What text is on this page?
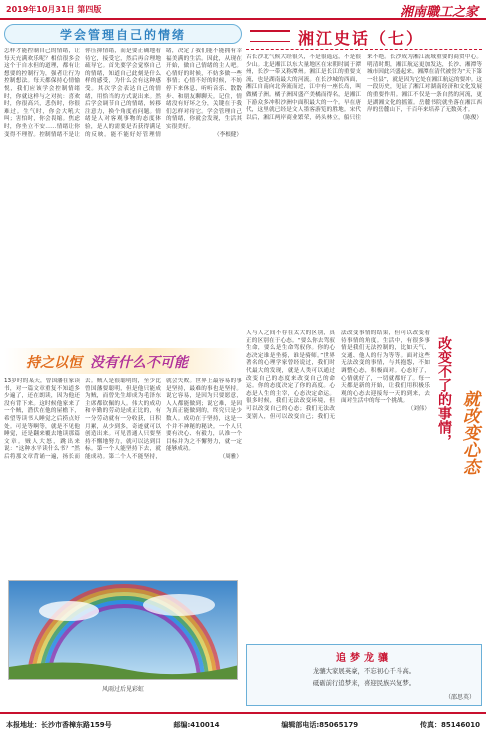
2019年10月31日 第四版	湘南職工之家
学会管理自己的情绪
怎样才能控制自己的情绪，让每天充满欢乐呢？相信很多会这个于自水但的道理，都有让想要的控制行为，强者让行为控制想法。每天都保持心情愉悦，我们应该学会控制情绪时，你就这样与之对抗：喜欢时，你很高兴，悲伤时，你很难过。生气时，你会大吼大叫；害怕时，你会畏缩。焦虑时，你坐立不安……情绪让你变得不理智。控制情绪不是让你压抑情绪，而是要正确地看待它，接受它，然后再合理地疏导它。首先要学会觉察自己的情绪，知道自己此刻是什么样的感受，为什么会有这种感受。其次学会表达自己的情绪，用恰当的方式说出来。然后学会调节自己的情绪，转移注意力，换个角度看问题。情绪是人对客观事物的态度体验，是人的需要是否获得满足的反映。能不能好好管理情绪，决定了我们能不能拥有幸福美满的生活。因此，从现在开始，做自己情绪的主人吧。心情好的时候，不妨多做一些事情；心情不好的时候，不妨停下来休息，听听音乐、散散步、和朋友聊聊天。记住，情绪没有好坏之分，关键在于我们怎样对待它。学会管理自己的情绪，你就会发现，生活其实很美好。
（李根健）
持之以恒 没有什么不可能
13岁时的某天，曾国藩在家读书，对一篇文章重复不知道多少遍了，还在朗读，因为他还没有背下来。这时候他家来了一个贼，潜伏在他的屋檐下，希望等读书人睡觉之后捞点好处。可是等啊等，就是不见他睡觉，还是翻来覆去地读那篇文章。贼人大怒，跳出来说：“这种水平读什么书？”然后将那文章背诵一遍，扬长而去。贼人是很聪明的，至少比曾国藩要聪明，但是他只能成为贼，而曾先生却成为毛泽东主席都钦佩的人。伟大的成功和辛勤的劳动是成正比的，有一分劳动就有一分收获，日积月累，从少到多，奇迹就可以创造出来。可见普通人只要坚持不懈地努力，就可以达到目标。第一个人能坚持下去，就能成功。第二个人不能坚持，就会失败。世界上最容易的事是坚持，最难的事也是坚持。说它容易，是因为只要愿意，人人都能做到；说它难，是因为真正能做到的，终究只是少数人。成功在于坚持，这是一个并不神秘的秘诀。一个人只要有决心、有毅力，认准一个目标并为之不懈努力，就一定能够成功。
（周雅）
风雨过后见彩虹
湘江史话（七）
古长沙北气候大经很久，不是很遥远，不是很少山。北是湘江以东大量地区在宋朝时属于潭州，长沙一带又称潭州。湘江是长江的重要支流，也是湖南最大的河流。在长沙城的西面，湘江自南向北奔流而过，江中有一座长岛，叫做橘子洲。橘子洲因盛产美橘而得名，是湘江下游众多冲积沙洲中面积最大的一个。早在唐代，这里就已经是文人墨客游览的胜地。宋代以后，湘江两岸商业繁荣，码头林立，船只往来不绝。长沙成为湘江流域重要的商贸中心。明清时期，湘江航运更加发达，长沙、湘潭等城市因此兴盛起来。湘潭在清代被誉为“天下第一壮县”，就是因为它处在湘江航运的要冲。这一段历史，见证了湘江对湖南经济和文化发展的重要作用。湘江不仅是一条自然的河流，更是湖湘文化的摇篮。岳麓书院就坐落在湘江西岸的岳麓山下，千百年来培养了无数英才。
（陈俊）
人与人之间不存在太大的区别，真正的区别在于心态。“要么你去驾驭生命，要么是生命驾驭你。你的心态决定谁是坐骑，谁是骑师。”世界著名的心理学家曾经说过，我们时代最大的发现，就是人类可以通过改变自己的态度来改变自己的命运。你的态度决定了你的高度。心态是人生的主宰，心态决定命运。很多时候，我们无法改变环境，但可以改变自己的心态；我们无法改变别人，但可以改变自己；我们无法改变事情的结果，但可以改变看待事情的角度。生活中，有很多事情是我们无法控制的，比如天气、交通、他人的行为等等。面对这些无法改变的事情，与其抱怨，不如调整心态，积极面对。心态好了，心情就好了，一切就都好了。每一天都是新的开始，让我们用积极乐观的心态去迎接每一天的到来，去面对生活中的每一个挑战。
（刘伟） 改变不了的事情， 就改变心态
追梦龙骧
龙骧大家展英豪，不忘初心千斗高。
砥砺前行追梦来，喜迎民族兴复梦。
（邵思英）
本报地址：长沙市香樟东路159号	邮编:410014	编辑部电话:85065179	传真：85146010
